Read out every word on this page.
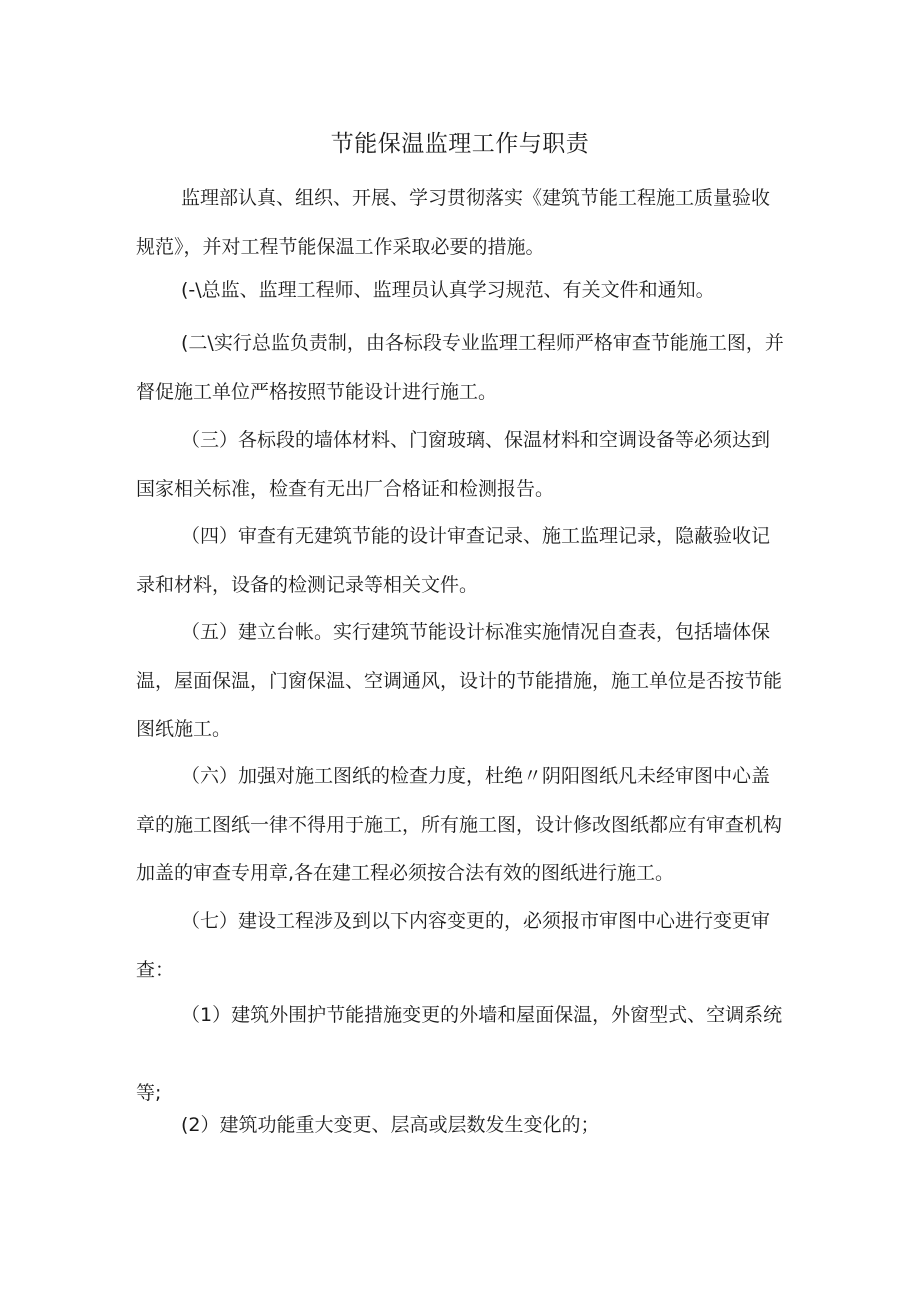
节能保温监理工作与职责

监理部认真、组织、开展、学习贯彻落实《建筑节能工程施工质量验收规范》，并对工程节能保温工作采取必要的措施。

(-\总监、监理工程师、监理员认真学习规范、有关文件和通知。

(二\实行总监负责制，由各标段专业监理工程师严格审查节能施工图，并督促施工单位严格按照节能设计进行施工。

（三）各标段的墙体材料、门窗玻璃、保温材料和空调设备等必须达到国家相关标准，检查有无出厂合格证和检测报告。

（四）审查有无建筑节能的设计审查记录、施工监理记录，隐蔽验收记录和材料，设备的检测记录等相关文件。

（五）建立台帐。实行建筑节能设计标准实施情况自查表，包括墙体保温，屋面保温，门窗保温、空调通风，设计的节能措施，施工单位是否按节能图纸施工。

（六）加强对施工图纸的检查力度，杜绝〃阴阳图纸凡未经审图中心盖章的施工图纸一律不得用于施工，所有施工图，设计修改图纸都应有审查机构加盖的审查专用章,各在建工程必须按合法有效的图纸进行施工。

（七）建设工程涉及到以下内容变更的，必须报市审图中心进行变更审查：

（1）建筑外围护节能措施变更的外墙和屋面保温，外窗型式、空调系统等;

(2）建筑功能重大变更、层高或层数发生变化的；
